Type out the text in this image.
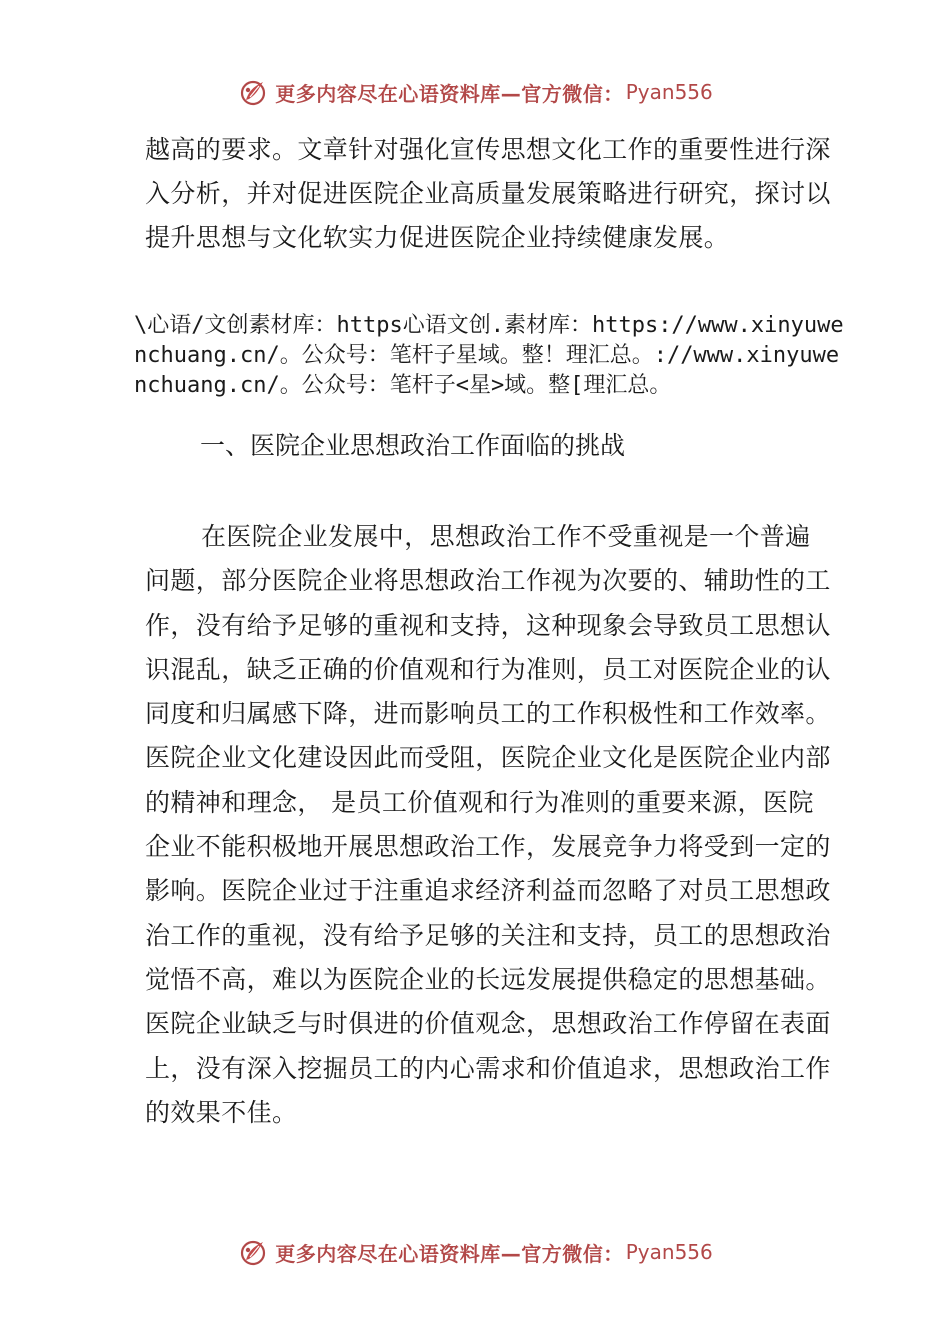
更多内容尽在心语资料库—官方微信： Pyan556

越高的要求。文章针对强化宣传思想文化工作的重要性进行深入分析，并对促进医院企业高质量发展策略进行研究，探讨以提升思想与文化软实力促进医院企业持续健康发展。

\心语/文创素材库：https心语文创.素材库：https://www.xinyuwenchuang.cn/。公众号：笔杆子星域。整！理汇总。://www.xinyuwenchuang.cn/。公众号：笔杆子<星>域。整[理汇总。

一、医院企业思想政治工作面临的挑战

在医院企业发展中，思想政治工作不受重视是一个普遍问题，部分医院企业将思想政治工作视为次要的、辅助性的工作，没有给予足够的重视和支持，这种现象会导致员工思想认识混乱，缺乏正确的价值观和行为准则，员工对医院企业的认同度和归属感下降，进而影响员工的工作积极性和工作效率。医院企业文化建设因此而受阻，医院企业文化是医院企业内部的精神和理念， 是员工价值观和行为准则的重要来源，医院企业不能积极地开展思想政治工作，发展竞争力将受到一定的影响。医院企业过于注重追求经济利益而忽略了对员工思想政治工作的重视，没有给予足够的关注和支持，员工的思想政治觉悟不高，难以为医院企业的长远发展提供稳定的思想基础。医院企业缺乏与时俱进的价值观念，思想政治工作停留在表面上，没有深入挖掘员工的内心需求和价值追求，思想政治工作的效果不佳。

更多内容尽在心语资料库—官方微信： Pyan556
